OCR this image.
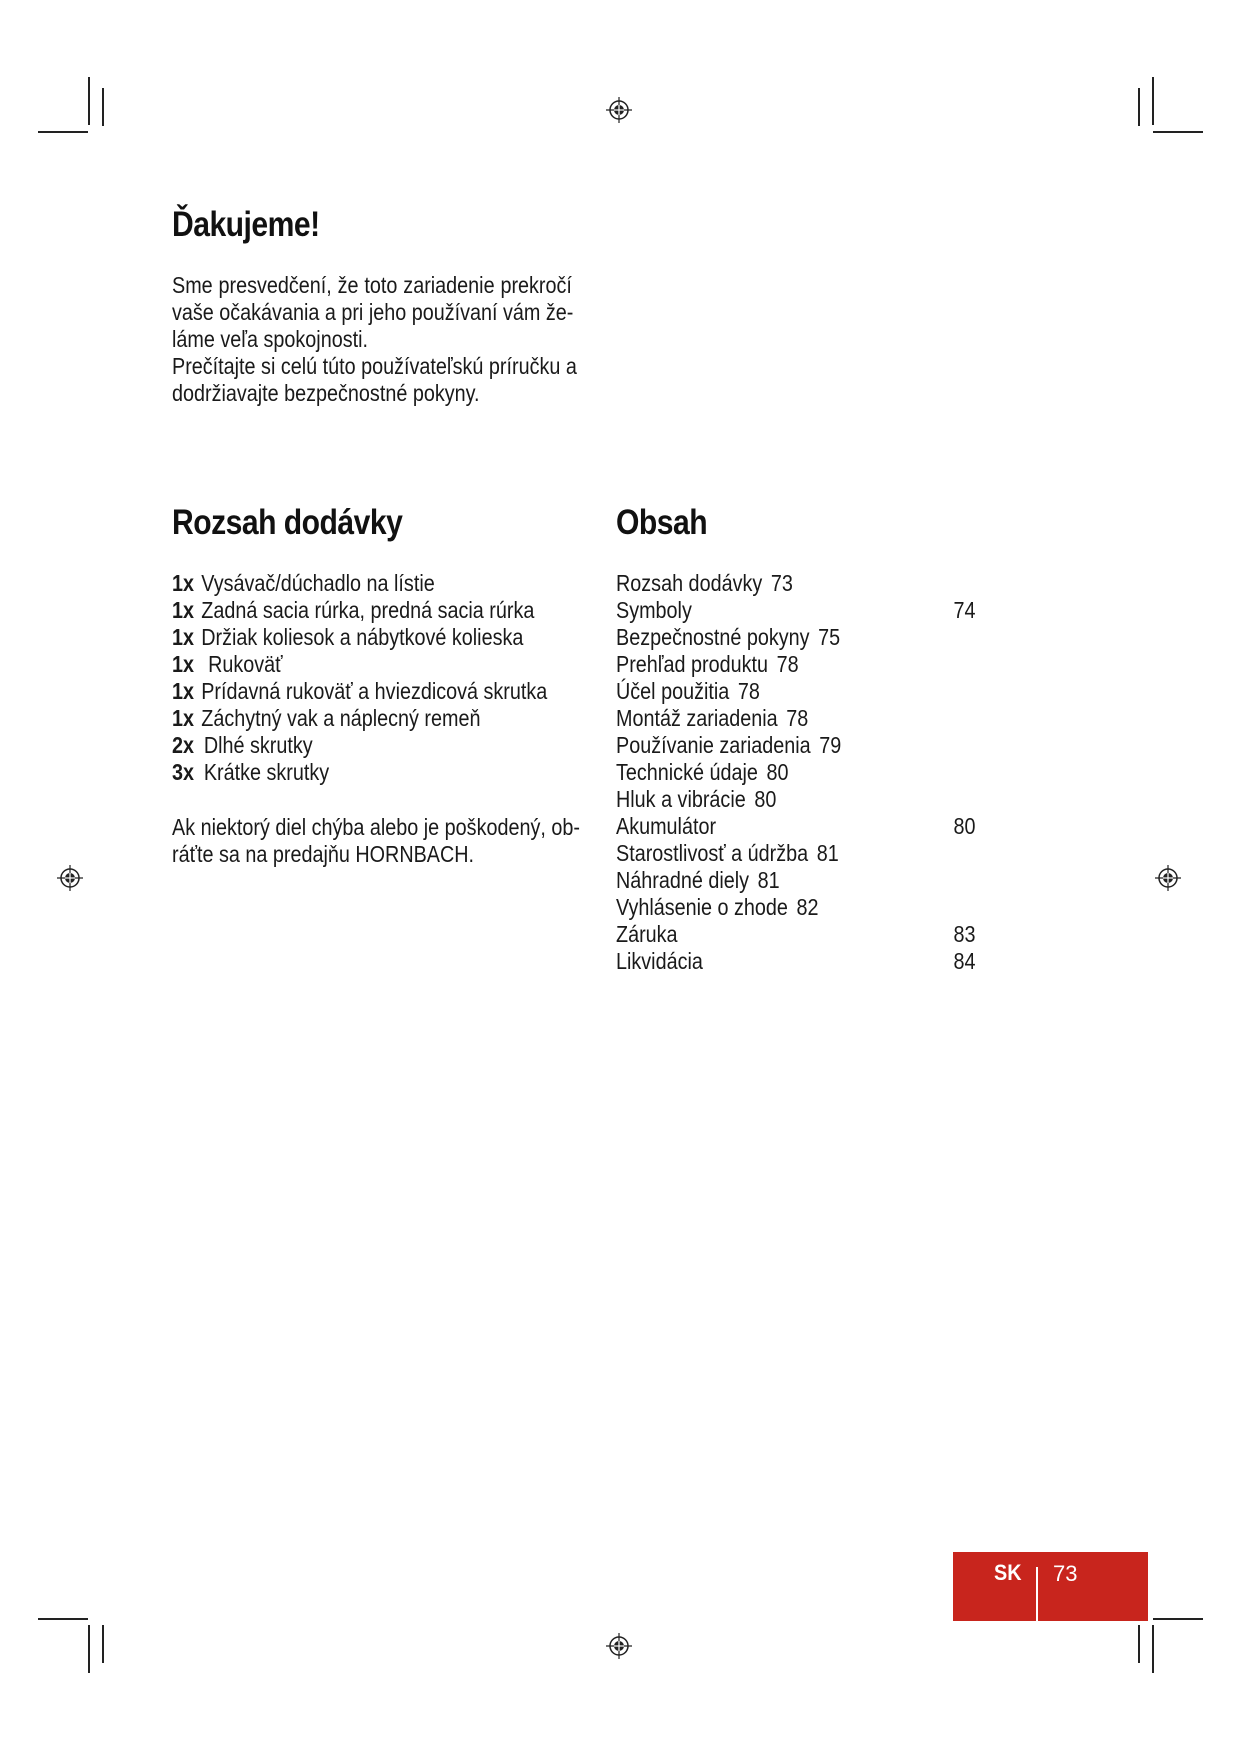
Ďakujeme!
Sme presvedčení, že toto zariadenie prekročí
vaše očakávania a pri jeho používaní vám že-
láme veľa spokojnosti.
Prečítajte si celú túto používateľskú príručku a
dodržiavajte bezpečnostné pokyny.
Rozsah dodávky
1x Vysávač/dúchadlo na lístie
1x Zadná sacia rúrka, predná sacia rúrka
1x Držiak koliesok a nábytkové kolieska
1x Rukoväť
1x Prídavná rukoväť a hviezdicová skrutka
1x Záchytný vak a náplecný remeň
2x Dlhé skrutky
3x Krátke skrutky
Ak niektorý diel chýba alebo je poškodený, ob-
ráťte sa na predajňu HORNBACH.
Obsah
Rozsah dodávky 73
Symboly	74
Bezpečnostné pokyny 75
Prehľad produktu 78
Účel použitia 78
Montáž zariadenia 78
Používanie zariadenia 79
Technické údaje 80
Hluk a vibrácie 80
Akumulátor	80
Starostlivosť a údržba 81
Náhradné diely 81
Vyhlásenie o zhode 82
Záruka	83
Likvidácia	84
SK 73
